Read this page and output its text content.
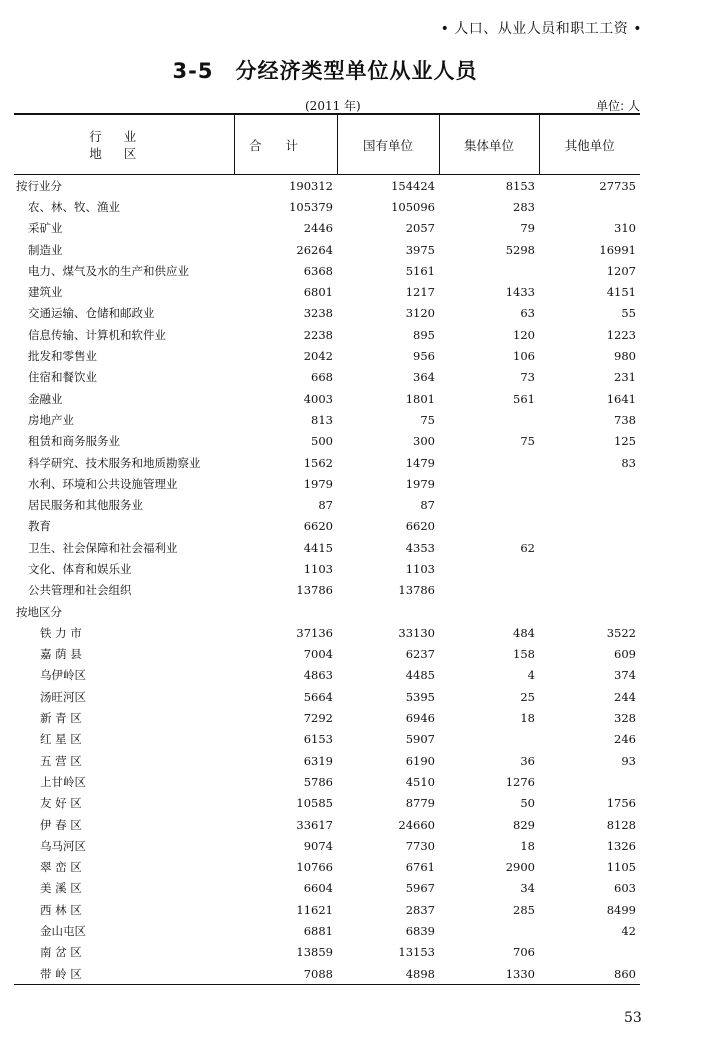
• 人口、从业人员和职工工资 •
3-5 分经济类型单位从业人员
(2011 年)	单位: 人
行业
地区	合计	国有单位	集体单位	其他单位
按行业分	190312	154424	8153	27735
农、林、牧、渔业	105379	105096	283	
采矿业	2446	2057	79	310
制造业	26264	3975	5298	16991
电力、煤气及水的生产和供应业	6368	5161		1207
建筑业	6801	1217	1433	4151
交通运输、仓储和邮政业	3238	3120	63	55
信息传输、计算机和软件业	2238	895	120	1223
批发和零售业	2042	956	106	980
住宿和餐饮业	668	364	73	231
金融业	4003	1801	561	1641
房地产业	813	75		738
租赁和商务服务业	500	300	75	125
科学研究、技术服务和地质勘察业	1562	1479		83
水利、环境和公共设施管理业	1979	1979		
居民服务和其他服务业	87	87		
教育	6620	6620		
卫生、社会保障和社会福利业	4415	4353	62	
文化、体育和娱乐业	1103	1103		
公共管理和社会组织	13786	13786		
按地区分				
铁 力 市	37136	33130	484	3522
嘉 荫 县	7004	6237	158	609
乌伊岭区	4863	4485	4	374
汤旺河区	5664	5395	25	244
新 青 区	7292	6946	18	328
红 星 区	6153	5907		246
五 营 区	6319	6190	36	93
上甘岭区	5786	4510	1276	
友 好 区	10585	8779	50	1756
伊 春 区	33617	24660	829	8128
乌马河区	9074	7730	18	1326
翠 峦 区	10766	6761	2900	1105
美 溪 区	6604	5967	34	603
西 林 区	11621	2837	285	8499
金山屯区	6881	6839		42
南 岔 区	13859	13153	706	
带 岭 区	7088	4898	1330	860
53
